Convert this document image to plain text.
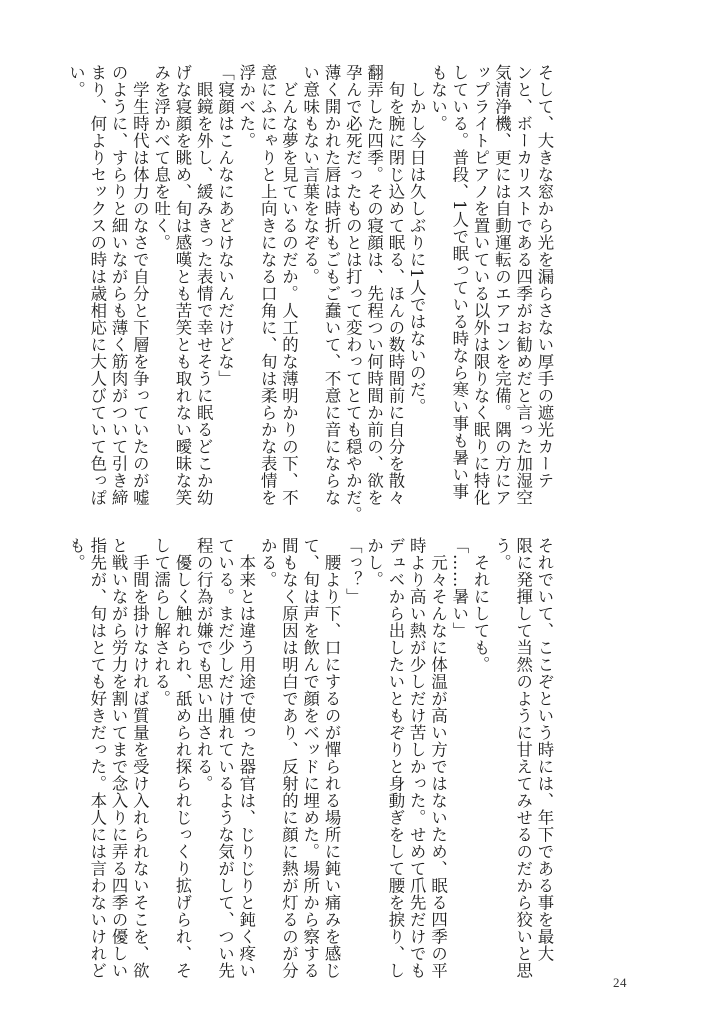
そして、大きな窓から光を漏らさない厚手の遮光カーテ
ンと、ボーカリストである四季がお勧めだと言った加湿空
気清浄機、更には自動運転のエアコンを完備。隅の方にア
ップライトピアノを置いている以外は限りなく眠りに特化
している。普段、1人で眠っている時なら寒い事も暑い事
もない。
　しかし今日は久しぶりに1人ではないのだ。
　旬を腕に閉じ込めて眠る、ほんの数時間前に自分を散々
翻弄した四季。その寝顔は、先程つい何時間か前の、欲を
孕んで必死だったものとは打って変わってとても穏やかだ。
薄く開かれた唇は時折もごもご蠢いて、不意に音にならな
い意味もない言葉をなぞる。
　どんな夢を見ているのだか。人工的な薄明かりの下、不
意にふにゃりと上向きになる口角に、旬は柔らかな表情を
浮かべた。
「寝顔はこんなにあどけないんだけどな」
　眼鏡を外し、緩みきった表情で幸せそうに眠るどこか幼
げな寝顔を眺め、旬は感嘆とも苦笑とも取れない曖昧な笑
みを浮かべて息を吐く。
　学生時代は体力のなさで自分と下層を争っていたのが嘘
のように、すらりと細いながらも薄く筋肉がついて引き締
まり、何よりセックスの時は歳相応に大人びていて色っぽ
い。
それでいて、ここぞという時には、年下である事を最大
限に発揮して当然のように甘えてみせるのだから狡いと思
う。
　それにしても。
「……暑い」
　元々そんなに体温が高い方ではないため、眠る四季の平
時より高い熱が少しだけ苦しかった。せめて爪先だけでも
デュベから出したいともぞりと身動ぎをして腰を捩り、し
かし。
「っ？」
　腰より下、口にするのが憚られる場所に鈍い痛みを感じ
て、旬は声を飲んで顔をベッドに埋めた。場所から察する
間もなく原因は明白であり、反射的に顔に熱が灯るのが分
かる。
　本来とは違う用途で使った器官は、じりじりと鈍く疼い
ている。まだ少しだけ腫れているような気がして、つい先
程の行為が嫌でも思い出される。
　優しく触れられ、舐められ探られじっくり拡げられ、そ
して濡らし解される。
　手間を掛けなければ質量を受け入れられないそこを、欲
と戦いながら労力を割いてまで念入りに弄る四季の優しい
指先が、旬はとても好きだった。本人には言わないけれど
も。
24
